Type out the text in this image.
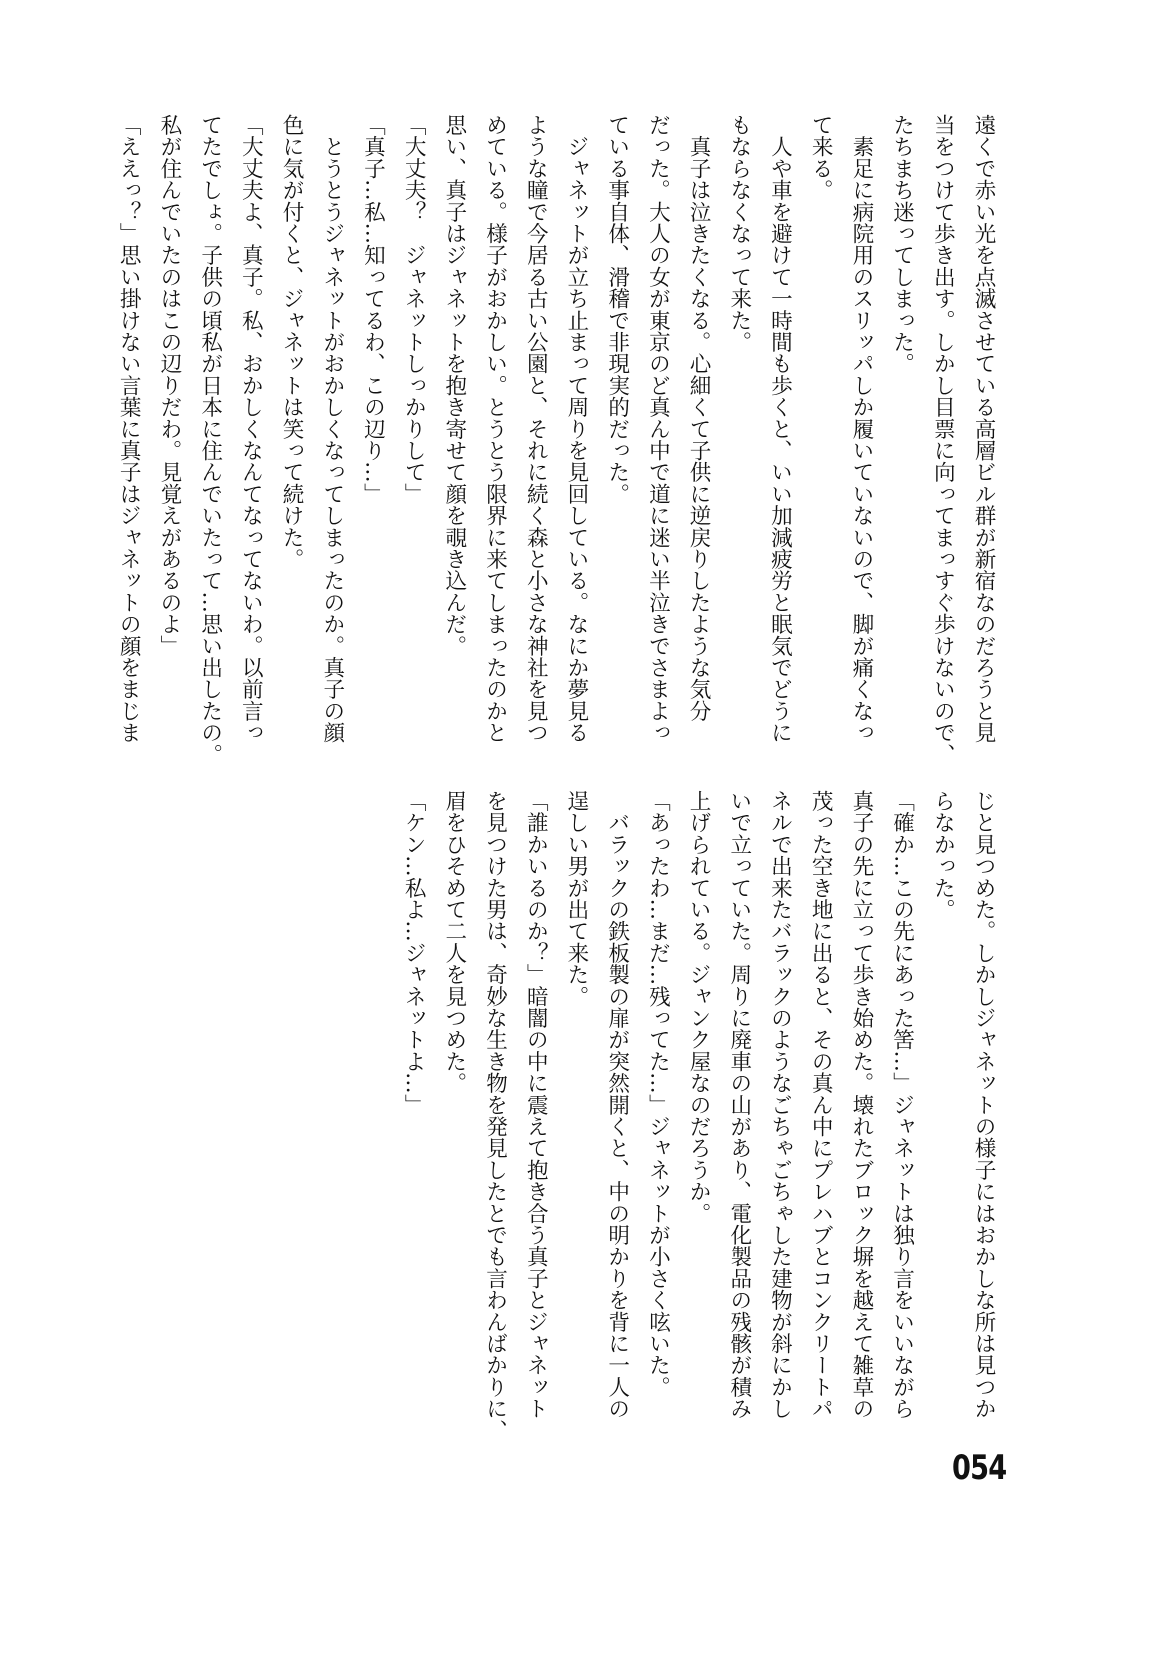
遠くで赤い光を点滅させている高層ビル群が新宿なのだろうと見
当をつけて歩き出す。しかし目票に向ってまっすぐ歩けないので、
たちまち迷ってしまった。
　素足に病院用のスリッパしか履いていないので、脚が痛くなっ
て来る。
　人や車を避けて一時間も歩くと、いい加減疲労と眠気でどうに
もならなくなって来た。
　真子は泣きたくなる。心細くて子供に逆戻りしたような気分
だった。大人の女が東京のど真ん中で道に迷い半泣きでさまよっ
ている事自体、滑稽で非現実的だった。
　ジャネットが立ち止まって周りを見回している。なにか夢見る
ような瞳で今居る古い公園と、それに続く森と小さな神社を見つ
めている。様子がおかしい。とうとう限界に来てしまったのかと
思い、真子はジャネットを抱き寄せて顔を覗き込んだ。
「大丈夫？　ジャネットしっかりして」
「真子…私…知ってるわ、この辺り…」
　とうとうジャネットがおかしくなってしまったのか。真子の顔
色に気が付くと、ジャネットは笑って続けた。
「大丈夫よ、真子。私、おかしくなんてなってないわ。以前言っ
てたでしょ。子供の頃私が日本に住んでいたって…思い出したの。
私が住んでいたのはこの辺りだわ。見覚えがあるのよ」
「ええっ？」思い掛けない言葉に真子はジャネットの顔をまじま
じと見つめた。しかしジャネットの様子にはおかしな所は見つか
らなかった。
「確か…この先にあった筈…」ジャネットは独り言をいいながら
真子の先に立って歩き始めた。壊れたブロック塀を越えて雑草の
茂った空き地に出ると、その真ん中にプレハブとコンクリートパ
ネルで出来たバラックのようなごちゃごちゃした建物が斜にかし
いで立っていた。周りに廃車の山があり、電化製品の残骸が積み
上げられている。ジャンク屋なのだろうか。
「あったわ…まだ…残ってた…」ジャネットが小さく呟いた。
　バラックの鉄板製の扉が突然開くと、中の明かりを背に一人の
逞しい男が出て来た。
「誰かいるのか？」暗闇の中に震えて抱き合う真子とジャネット
を見つけた男は、奇妙な生き物を発見したとでも言わんばかりに、
眉をひそめて二人を見つめた。
「ケン…私よ…ジャネットよ…」
054
